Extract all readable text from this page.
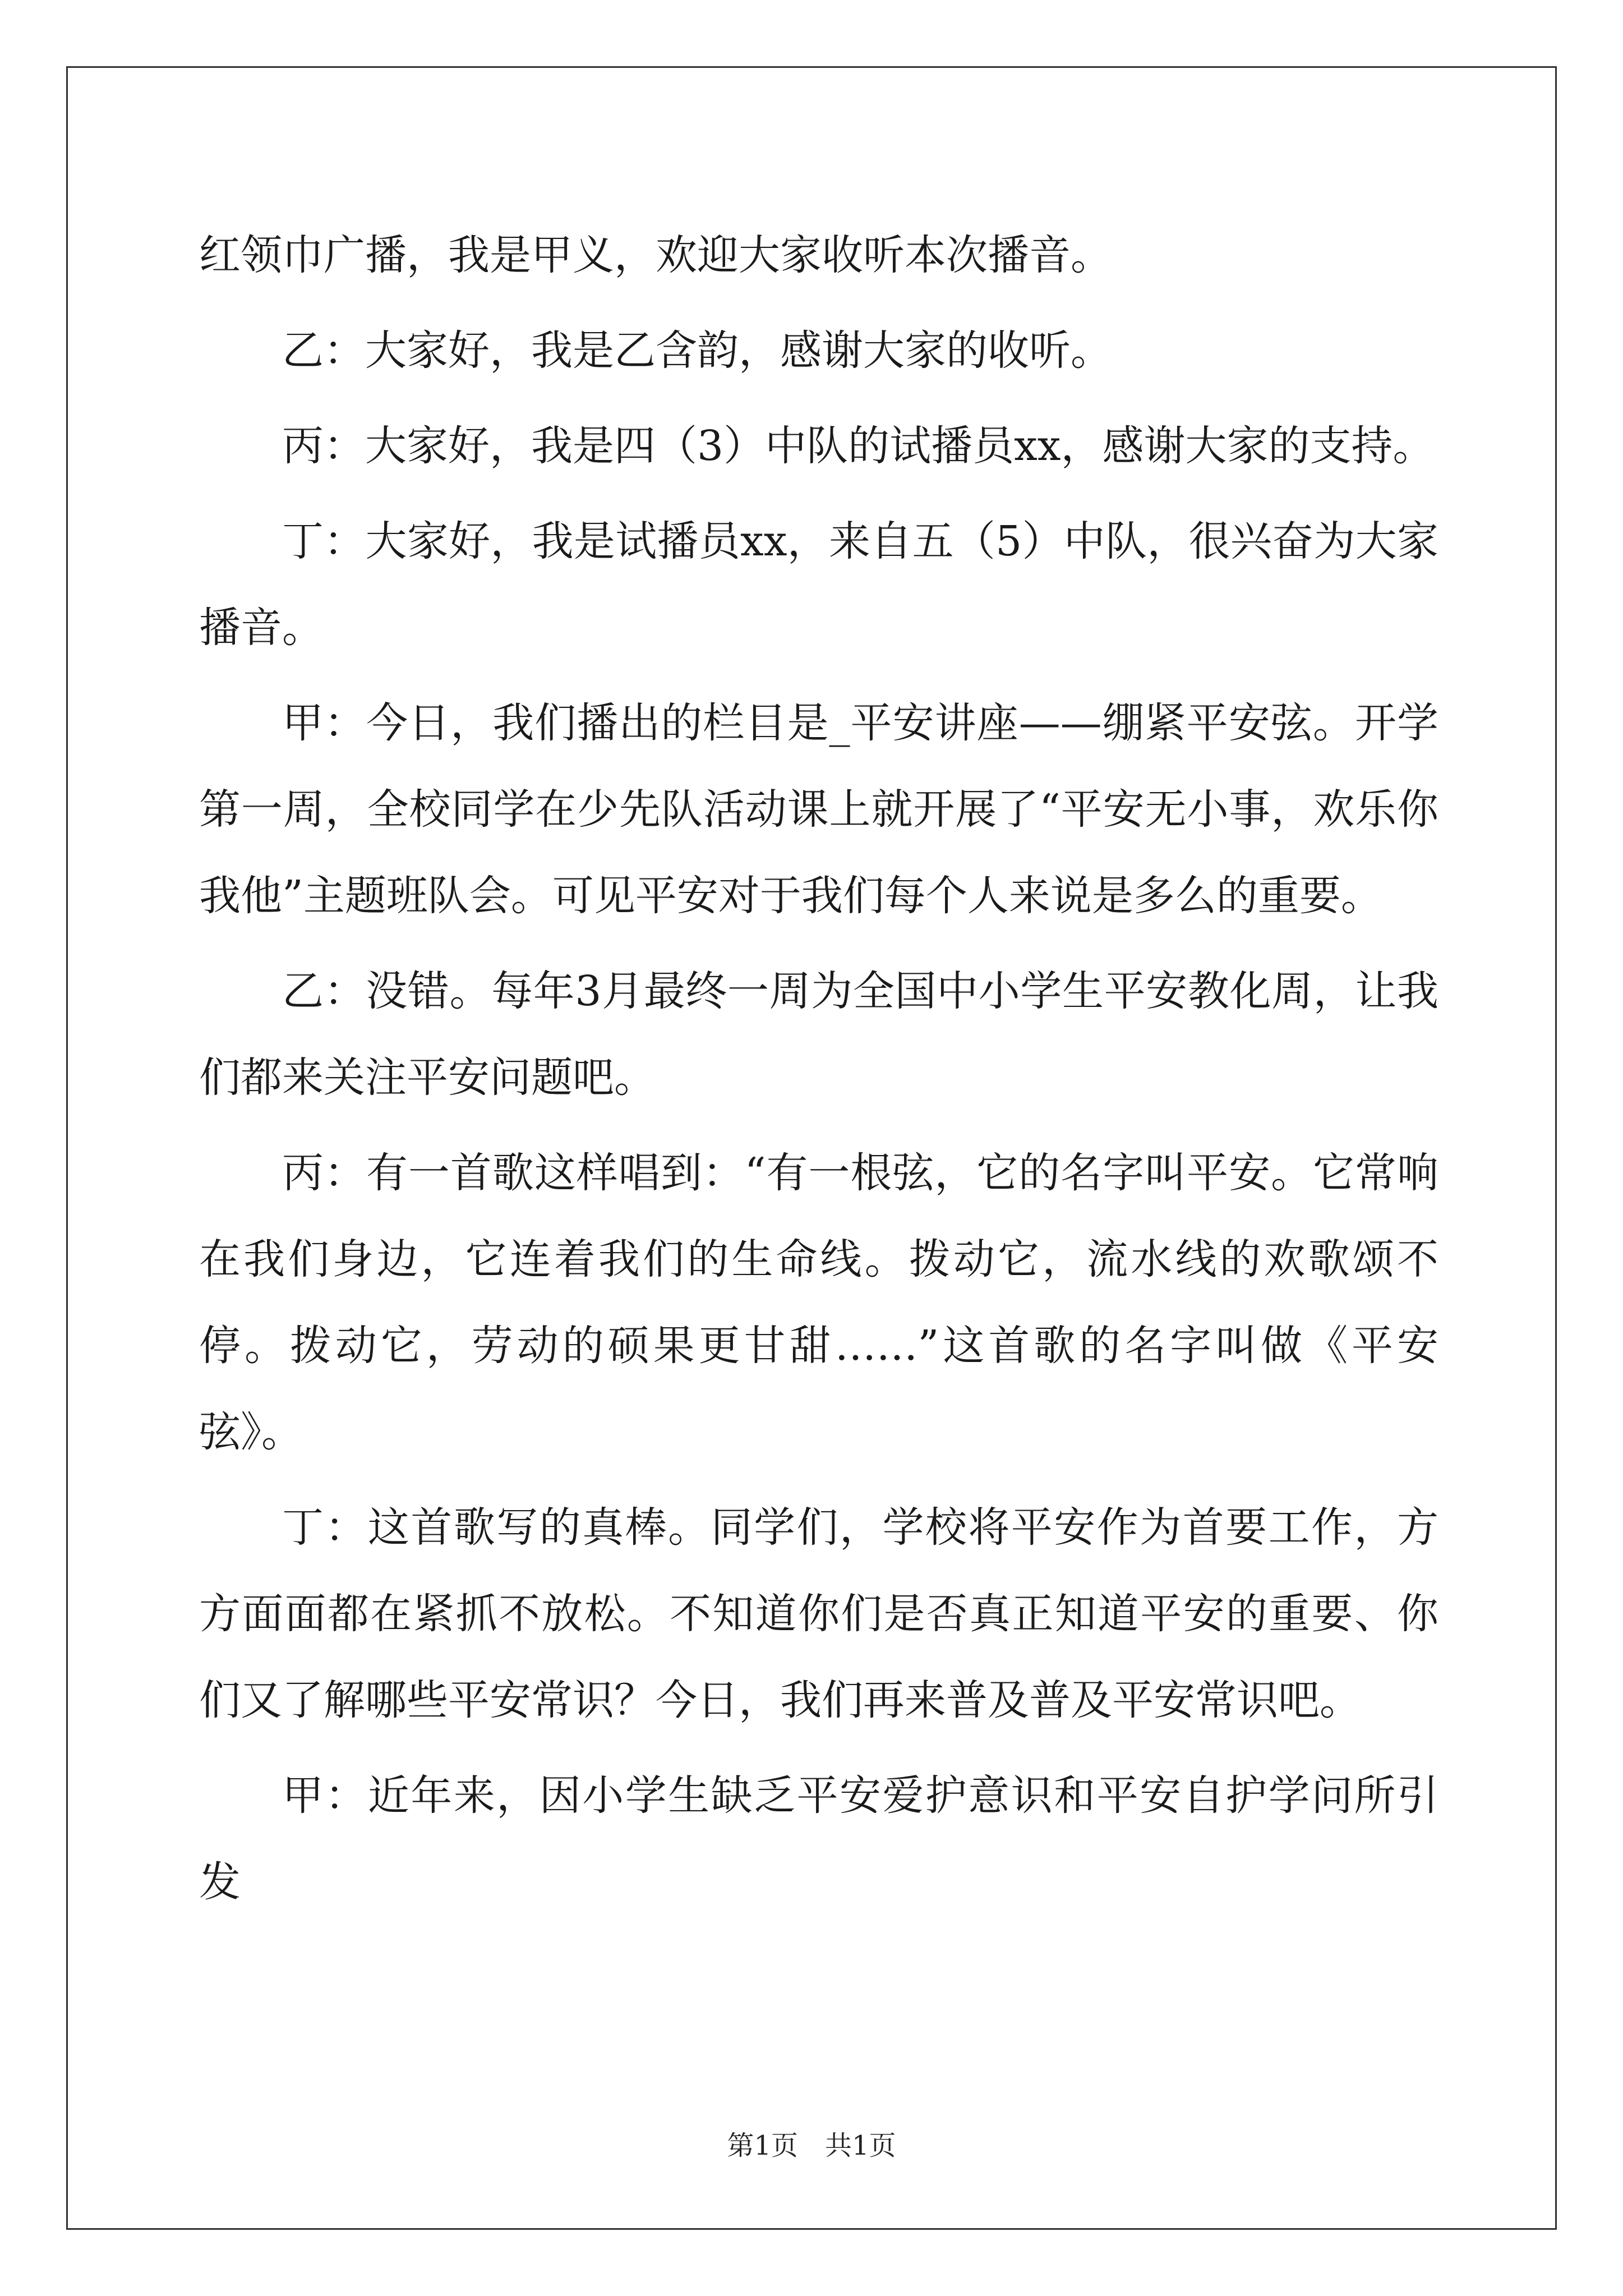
红领巾广播，我是甲义，欢迎大家收听本次播音。

乙：大家好，我是乙含韵，感谢大家的收听。

丙：大家好，我是四（3）中队的试播员xx，感谢大家的支持。

丁：大家好，我是试播员xx，来自五（5）中队，很兴奋为大家播音。

甲：今日，我们播出的栏目是_平安讲座——绷紧平安弦。开学第一周，全校同学在少先队活动课上就开展了“平安无小事，欢乐你我他”主题班队会。可见平安对于我们每个人来说是多么的重要。

乙：没错。每年3月最终一周为全国中小学生平安教化周，让我们都来关注平安问题吧。

丙：有一首歌这样唱到：“有一根弦，它的名字叫平安。它常响在我们身边，它连着我们的生命线。拨动它，流水线的欢歌颂不停。拨动它，劳动的硕果更甘甜……”这首歌的名字叫做《平安弦》。

丁：这首歌写的真棒。同学们，学校将平安作为首要工作，方方面面都在紧抓不放松。不知道你们是否真正知道平安的重要、你们又了解哪些平安常识？今日，我们再来普及普及平安常识吧。

甲：近年来，因小学生缺乏平安爱护意识和平安自护学问所引发

第1页　共1页
